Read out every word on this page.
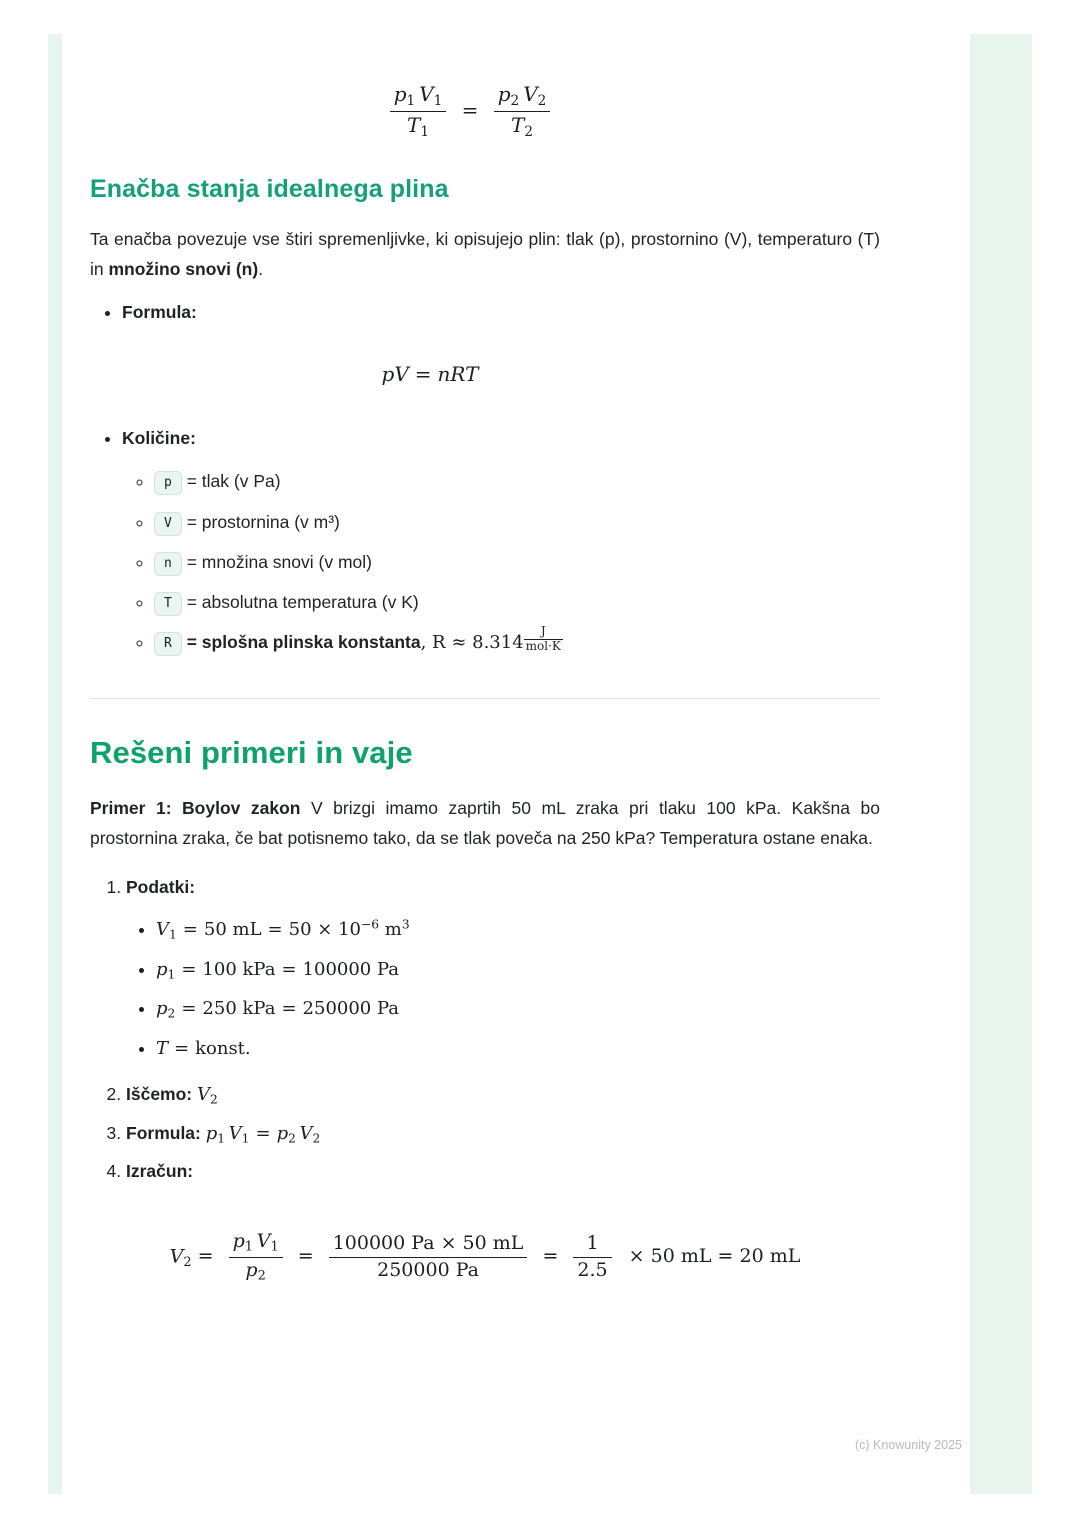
$\frac{p_1 V_1}{T_1} = \frac{p_2 V_2}{T_2}$
Enačba stanja idealnega plina

Ta enačba povezuje vse štiri spremenljivke, ki opisujejo plin: tlak (p), prostornino (V), temperaturo (T) in množino snovi (n).

• Formula:
pV = nRT
• Količine:
◦ p = tlak (v Pa)
◦ V = prostornina (v m³)
◦ n = množina snovi (v mol)
◦ T = absolutna temperatura (v K)
◦ R = splošna plinska konstanta, $R \approx 8.314 \frac{J}{\text{mol·K}}$
Rešeni primeri in vaje

Primer 1: Boylov zakon V brizgi imamo zaprtih 50 mL zraka pri tlaku 100 kPa. Kakšna bo prostornina zraka, če bat potisnemo tako, da se tlak poveča na 250 kPa? Temperatura ostane enaka.

1. Podatki:
• $V_1 = 50$ mL = $50 \times 10^{-6}$ $m^3$
• $p_1 = 100$ kPa = 100000 Pa
• $p_2 = 250$ kPa = 250000 Pa
• T = konst.
2. Iščemo: $V_2$
3. Formula: $p_1$ $V_1 = p_2$ $V_2$
4. Izračun:
$V_2 = \frac{p_1 V_1}{p_2} = \frac{100000 Pa \times 50 mL}{250000 Pa} = \frac{1}{2.5} \times 50$ mL = 20 mL
(c) Knowunity 2025
